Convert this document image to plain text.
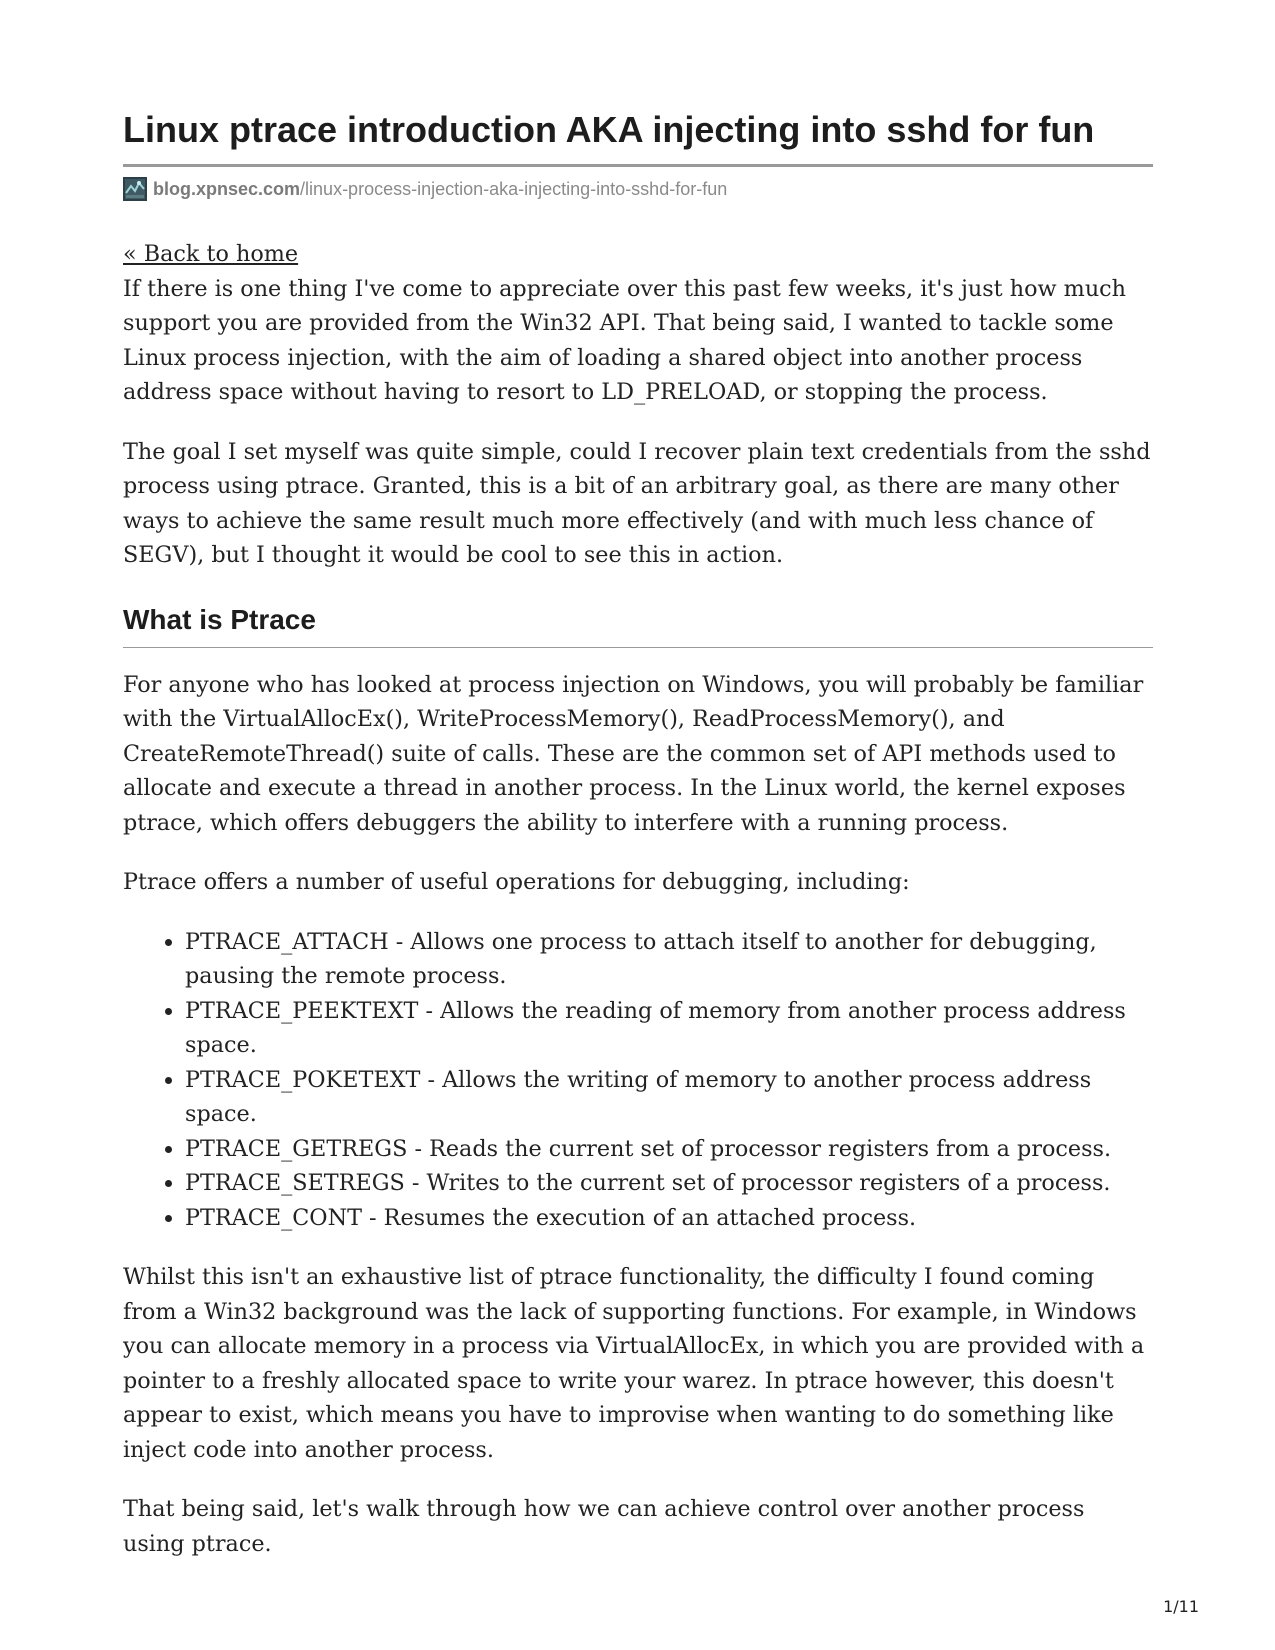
Linux ptrace introduction AKA injecting into sshd for fun
blog.xpnsec.com/linux-process-injection-aka-injecting-into-sshd-for-fun
« Back to home

If there is one thing I've come to appreciate over this past few weeks, it's just how much support you are provided from the Win32 API. That being said, I wanted to tackle some Linux process injection, with the aim of loading a shared object into another process address space without having to resort to LD_PRELOAD, or stopping the process.

The goal I set myself was quite simple, could I recover plain text credentials from the sshd process using ptrace. Granted, this is a bit of an arbitrary goal, as there are many other ways to achieve the same result much more effectively (and with much less chance of SEGV), but I thought it would be cool to see this in action.

What is Ptrace

For anyone who has looked at process injection on Windows, you will probably be familiar with the VirtualAllocEx(), WriteProcessMemory(), ReadProcessMemory(), and CreateRemoteThread() suite of calls. These are the common set of API methods used to allocate and execute a thread in another process. In the Linux world, the kernel exposes ptrace, which offers debuggers the ability to interfere with a running process.

Ptrace offers a number of useful operations for debugging, including:

• PTRACE_ATTACH - Allows one process to attach itself to another for debugging, pausing the remote process.
• PTRACE_PEEKTEXT - Allows the reading of memory from another process address space.
• PTRACE_POKETEXT - Allows the writing of memory to another process address space.
• PTRACE_GETREGS - Reads the current set of processor registers from a process.
• PTRACE_SETREGS - Writes to the current set of processor registers of a process.
• PTRACE_CONT - Resumes the execution of an attached process.

Whilst this isn't an exhaustive list of ptrace functionality, the difficulty I found coming from a Win32 background was the lack of supporting functions. For example, in Windows you can allocate memory in a process via VirtualAllocEx, in which you are provided with a pointer to a freshly allocated space to write your warez. In ptrace however, this doesn't appear to exist, which means you have to improvise when wanting to do something like inject code into another process.

That being said, let's walk through how we can achieve control over another process using ptrace.

1/11
